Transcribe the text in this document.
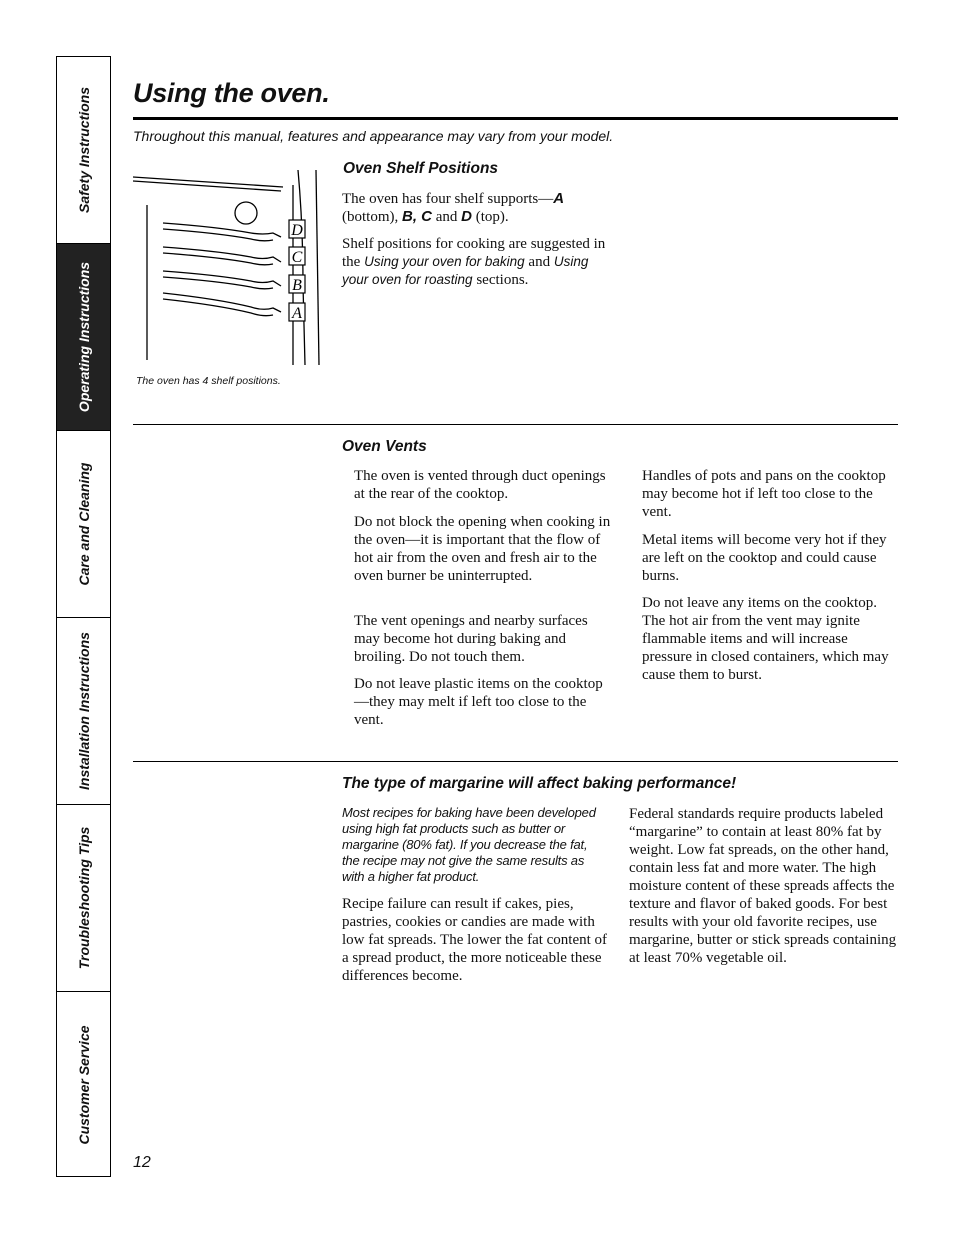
Safety Instructions
Operating Instructions
Care and Cleaning
Installation Instructions
Troubleshooting Tips
Customer Service
Using the oven.
Throughout this manual, features and appearance may vary from your model.
D
C
B
A
The oven has 4 shelf positions.
Oven Shelf Positions

The oven has four shelf supports—A (bottom), B, C and D (top).

Shelf positions for cooking are suggested in the Using your oven for baking and Using your oven for roasting sections.

Oven Vents

The oven is vented through duct openings at the rear of the cooktop.

Do not block the opening when cooking in the oven—it is important that the flow of hot air from the oven and fresh air to the oven burner be uninterrupted.

The vent openings and nearby surfaces may become hot during baking and broiling. Do not touch them.

Do not leave plastic items on the cooktop—they may melt if left too close to the vent.

Handles of pots and pans on the cooktop may become hot if left too close to the vent.

Metal items will become very hot if they are left on the cooktop and could cause burns.

Do not leave any items on the cooktop. The hot air from the vent may ignite flammable items and will increase pressure in closed containers, which may cause them to burst.

The type of margarine will affect baking performance!

Most recipes for baking have been developed using high fat products such as butter or margarine (80% fat). If you decrease the fat, the recipe may not give the same results as with a higher fat product.

Recipe failure can result if cakes, pies, pastries, cookies or candies are made with low fat spreads. The lower the fat content of a spread product, the more noticeable these differences become.

Federal standards require products labeled “margarine” to contain at least 80% fat by weight. Low fat spreads, on the other hand, contain less fat and more water. The high moisture content of these spreads affects the texture and flavor of baked goods. For best results with your old favorite recipes, use margarine, butter or stick spreads containing at least 70% vegetable oil.

12
